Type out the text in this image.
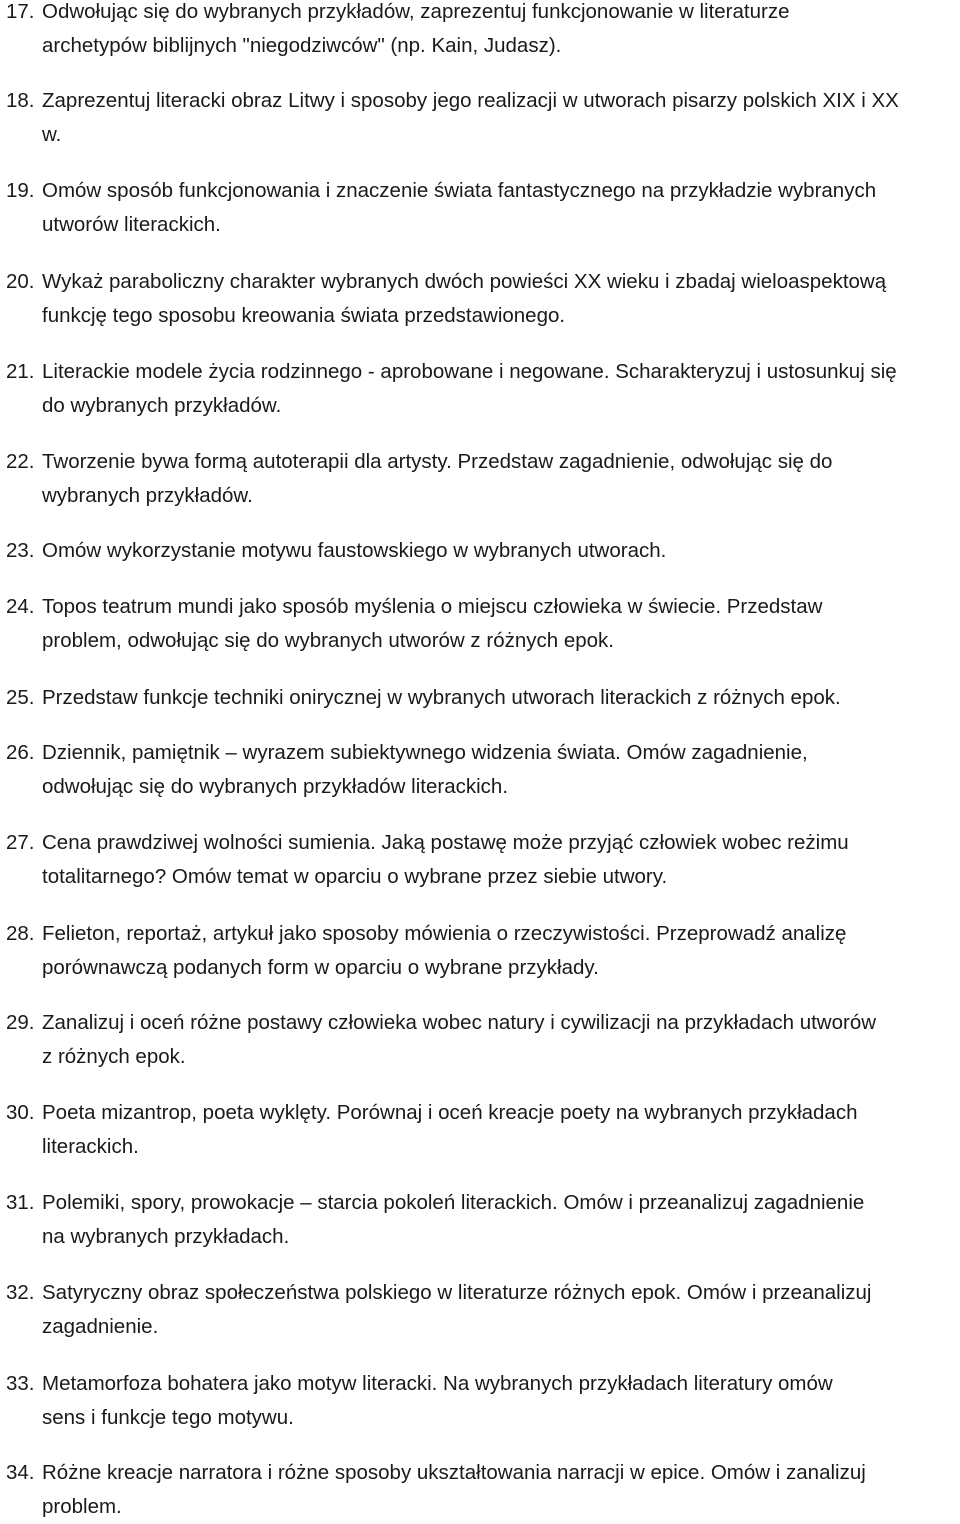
17. Odwołując się do wybranych przykładów, zaprezentuj funkcjonowanie w literaturze
archetypów biblijnych "niegodziwców" (np. Kain, Judasz).
18. Zaprezentuj literacki obraz Litwy i sposoby jego realizacji w utworach pisarzy polskich XIX i XX
w.
19. Omów sposób funkcjonowania i znaczenie świata fantastycznego na przykładzie wybranych
utworów literackich.
20. Wykaż paraboliczny charakter wybranych dwóch powieści XX wieku i zbadaj wieloaspektową
funkcję tego sposobu kreowania świata przedstawionego.
21. Literackie modele życia rodzinnego - aprobowane i negowane. Scharakteryzuj i ustosunkuj się
do wybranych przykładów.
22. Tworzenie bywa formą autoterapii dla artysty. Przedstaw zagadnienie, odwołując się do
wybranych przykładów.
23. Omów wykorzystanie motywu faustowskiego w wybranych utworach.
24. Topos teatrum mundi jako sposób myślenia o miejscu człowieka w świecie. Przedstaw
problem, odwołując się do wybranych utworów z różnych epok.
25. Przedstaw funkcje techniki onirycznej w wybranych utworach literackich z różnych epok.
26. Dziennik, pamiętnik – wyrazem subiektywnego widzenia świata. Omów zagadnienie,
odwołując się do wybranych przykładów literackich.
27. Cena prawdziwej wolności sumienia. Jaką postawę może przyjąć człowiek wobec reżimu
totalitarnego? Omów temat w oparciu o wybrane przez siebie utwory.
28. Felieton, reportaż, artykuł jako sposoby mówienia o rzeczywistości. Przeprowadź analizę
porównawczą podanych form w oparciu o wybrane przykłady.
29. Zanalizuj i oceń różne postawy człowieka wobec natury i cywilizacji na przykładach utworów
z różnych epok.
30. Poeta mizantrop, poeta wyklęty. Porównaj i oceń kreacje poety na wybranych przykładach
literackich.
31. Polemiki, spory, prowokacje – starcia pokoleń literackich. Omów i przeanalizuj zagadnienie
na wybranych przykładach.
32. Satyryczny obraz społeczeństwa polskiego w literaturze różnych epok. Omów i przeanalizuj
zagadnienie.
33. Metamorfoza bohatera jako motyw literacki. Na wybranych przykładach literatury omów
sens i funkcje tego motywu.
34. Różne kreacje narratora i różne sposoby ukształtowania narracji w epice. Omów i zanalizuj
problem.
